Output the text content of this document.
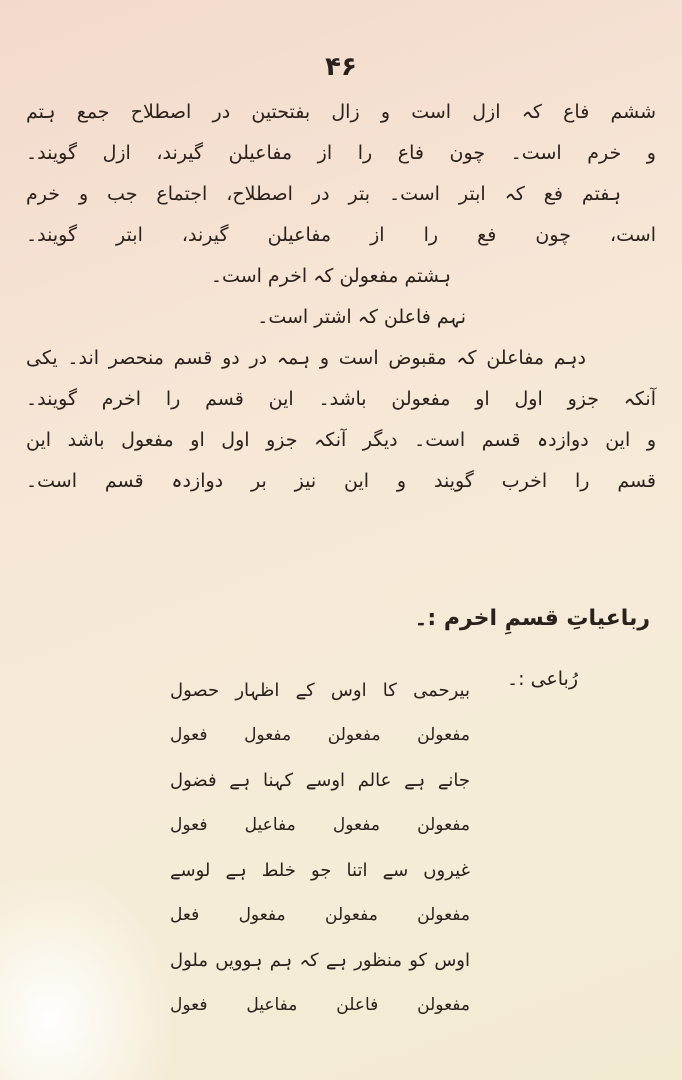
۴۶
ششم فاع کہ ازل است و زال بفتحتین در اصطلاح جمع ہتم
و خرم است۔ چون فاع را از مفاعیلن گیرند، ازل گویند۔
ہفتم فع کہ ابتر است۔ بتر در اصطلاح، اجتماع جب و خرم
است، چون فع را از مفاعیلن گیرند، ابتر گویند۔
ہشتم مفعولن کہ اخرم است۔
نہم فاعلن کہ اشتر است۔
دہم مفاعلن کہ مقبوض است و ہمہ در دو قسم منحصر اند۔ یکی
آنکہ جزو اول او مفعولن باشد۔ این قسم را اخرم گویند۔
و این دوازدہ قسم است۔ دیگر آنکہ جزو اول او مفعول باشد این
قسم را اخرب گویند و این نیز بر دوازدہ قسم است۔
رباعیاتِ قسمِ اخرم :۔
رُباعی :۔
بیرحمی کا اوس کے اظہار حصول
مفعولن مفعولن مفعول فعول
جانے ہے عالم اوسے کہنا ہے فضول
مفعولن مفعول مفاعیل فعول
غیروں سے اتنا جو خلط ہے لوسے
مفعولن مفعولن مفعول فعل
اوس کو منظور ہے کہ ہم ہوویں ملول
مفعولن فاعلن مفاعیل فعول
